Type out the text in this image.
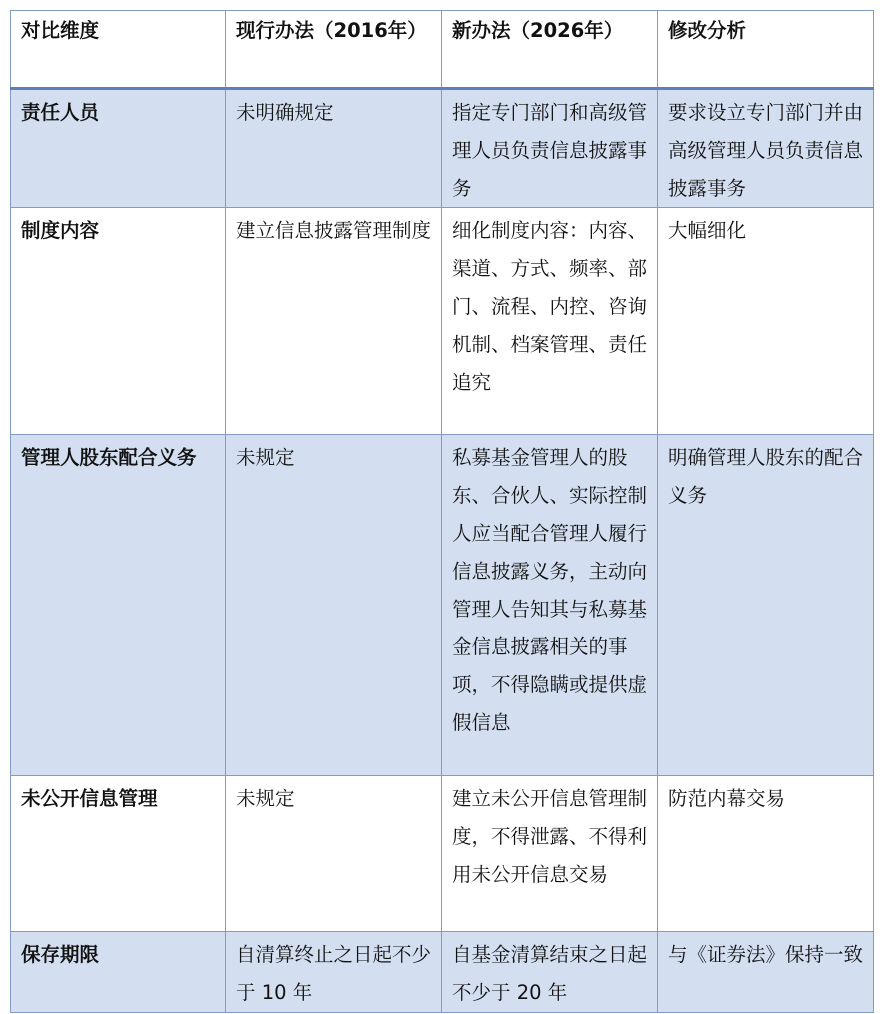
对比维度	现行办法（2016年）	新办法（2026年）	修改分析
责任人员	未明确规定	指定专门部门和高级管理人员负责信息披露事务	要求设立专门部门并由高级管理人员负责信息披露事务
制度内容	建立信息披露管理制度	细化制度内容：内容、渠道、方式、频率、部门、流程、内控、咨询机制、档案管理、责任追究	大幅细化
管理人股东配合义务	未规定	私募基金管理人的股东、合伙人、实际控制人应当配合管理人履行信息披露义务，主动向管理人告知其与私募基金信息披露相关的事项，不得隐瞒或提供虚假信息	明确管理人股东的配合义务
未公开信息管理	未规定	建立未公开信息管理制度，不得泄露、不得利用未公开信息交易	防范内幕交易
保存期限	自清算终止之日起不少于 10 年	自基金清算结束之日起不少于 20 年	与《证券法》保持一致
